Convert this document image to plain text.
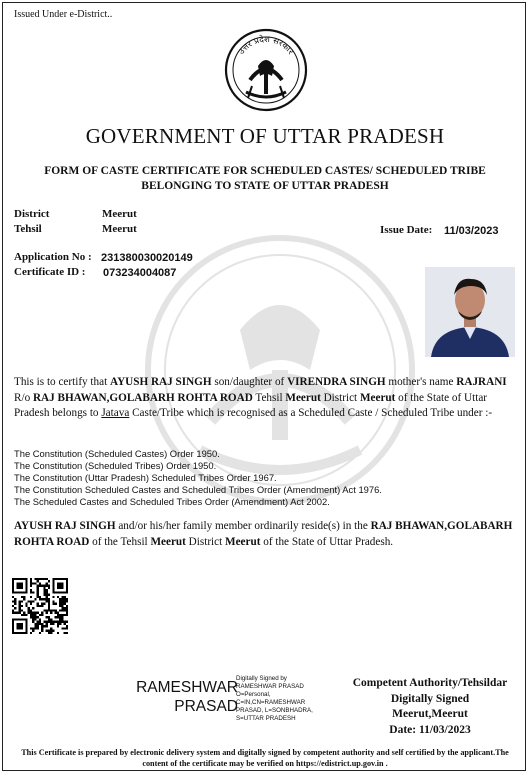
Issued Under e-District..
उत्तर प्रदेश सरकार
GOVERNMENT OF UTTAR PRADESH
FORM OF CASTE CERTIFICATE FOR SCHEDULED CASTES/ SCHEDULED TRIBE BELONGING TO STATE OF UTTAR PRADESH
District	Meerut
Tehsil	Meerut	Issue Date: 11/03/2023
Application No : 231380030020149
Certificate ID : 073234004087
This is to certify that AYUSH RAJ SINGH son/daughter of VIRENDRA SINGH mother's name RAJRANI R/o RAJ BHAWAN,GOLABARH ROHTA ROAD Tehsil Meerut District Meerut of the State of Uttar Pradesh belongs to Jatava Caste/Tribe which is recognised as a Scheduled Caste / Scheduled Tribe under :-
The Constitution (Scheduled Castes) Order 1950.
The Constitution (Scheduled Tribes) Order 1950.
The Constitution (Uttar Pradesh) Scheduled Tribes Order 1967.
The Constitution Scheduled Castes and Scheduled Tribes Order (Amendment) Act 1976.
The Scheduled Castes and Scheduled Tribes Order (Amendment) Act 2002.
AYUSH RAJ SINGH and/or his/her family member ordinarily reside(s) in the RAJ BHAWAN,GOLABARH ROHTA ROAD of the Tehsil Meerut District Meerut of the State of Uttar Pradesh.
RAMESHWAR
PRASAD
Digitally Signed by
RAMESHWAR PRASAD
O=Personal,
C=IN,CN=RAMESHWAR
PRASAD, L=SONBHADRA,
S=UTTAR PRADESH
Competent Authority/Tehsildar
Digitally Signed
Meerut,Meerut
Date: 11/03/2023
This Certificate is prepared by electronic delivery system and digitally signed by competent authority and self certified by the applicant.The content of the certificate may be verified on https://edistrict.up.gov.in .
